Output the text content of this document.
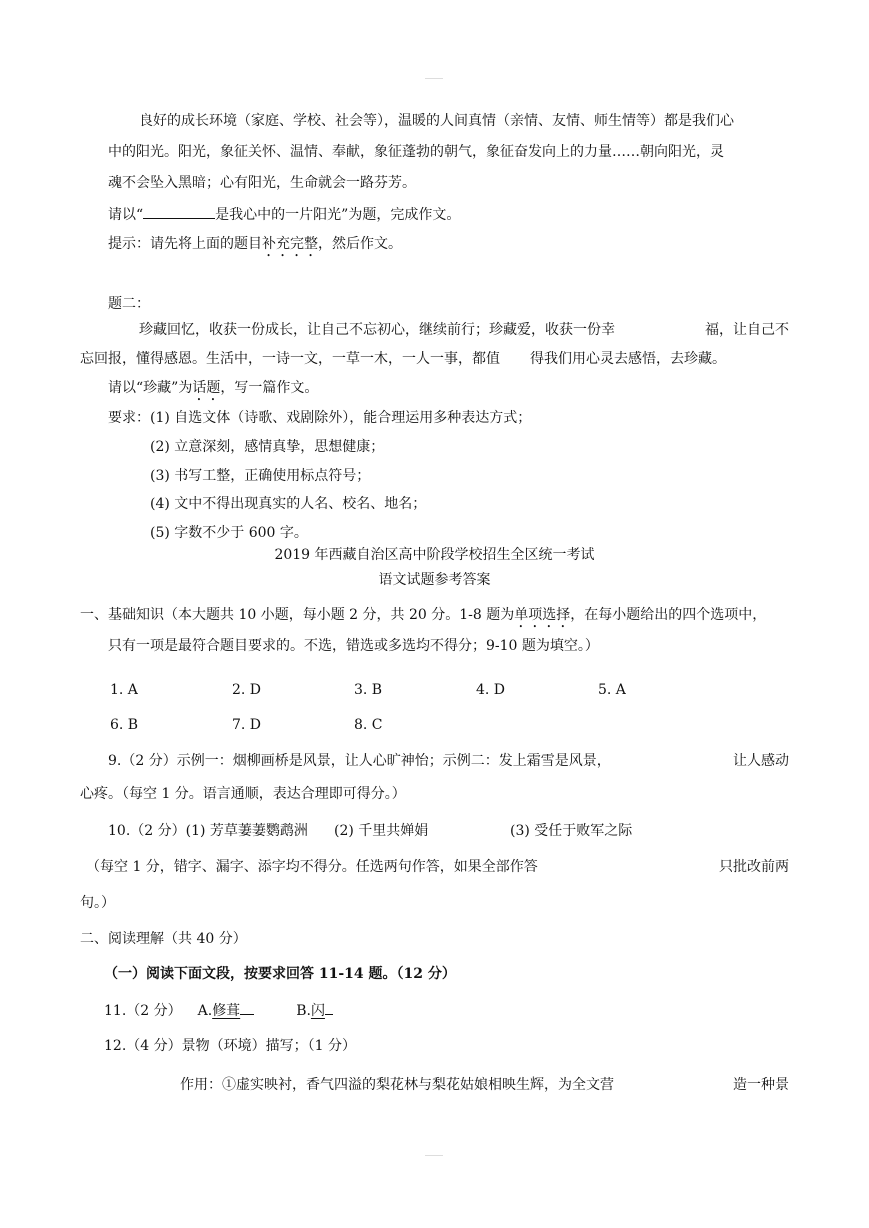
良好的成长环境（家庭、学校、社会等），温暖的人间真情（亲情、友情、师生情等）都是我们心
中的阳光。阳光，象征关怀、温情、奉献，象征蓬勃的朝气，象征奋发向上的力量……朝向阳光，灵
魂不会坠入黑暗；心有阳光，生命就会一路芬芳。
请以“	是我心中的一片阳光”为题，完成作文。
提示：请先将上面的题目补充完整，然后作文。
题二：
珍藏回忆，收获一份成长，让自己不忘初心，继续前行；珍藏爱，收获一份幸	福，让自己不
忘回报，懂得感恩。生活中，一诗一文，一草一木，一人一事，都值 得我们用心灵去感悟，去珍藏。
请以“珍藏”为话题，写一篇作文。
要求：(1) 自选文体（诗歌、戏剧除外），能合理运用多种表达方式；
(2) 立意深刻，感情真挚，思想健康；
(3) 书写工整，正确使用标点符号；
(4) 文中不得出现真实的人名、校名、地名；
(5) 字数不少于 600 字。
2019 年西藏自治区高中阶段学校招生全区统一考试
语文试题参考答案
一、基础知识（本大题共 10 小题，每小题 2 分，共 20 分。1-8 题为单项选择，在每小题给出的四个选项中，
只有一项是最符合题目要求的。不选，错选或多选均不得分；9-10 题为填空。）
1. A	2. D	3. B	4. D	5. A
6. B	7. D	8. C
9.（2 分）示例一：烟柳画桥是风景，让人心旷神怡；示例二：发上霜雪是风景，	让人感动
心疼。（每空 1 分。语言通顺，表达合理即可得分。）
10.（2 分）(1) 芳草萋萋鹦鹉洲 (2) 千里共婵娟	(3) 受任于败军之际
（每空 1 分，错字、漏字、添字均不得分。任选两句作答，如果全部作答	只批改前两
句。）
二、阅读理解（共 40 分）
（一）阅读下面文段，按要求回答 11-14 题。（12 分）
11.（2 分） A.修葺	B.闪
12.（4 分）景物（环境）描写；（1 分）
作用：①虚实映衬，香气四溢的梨花林与梨花姑娘相映生辉，为全文营	造一种景
